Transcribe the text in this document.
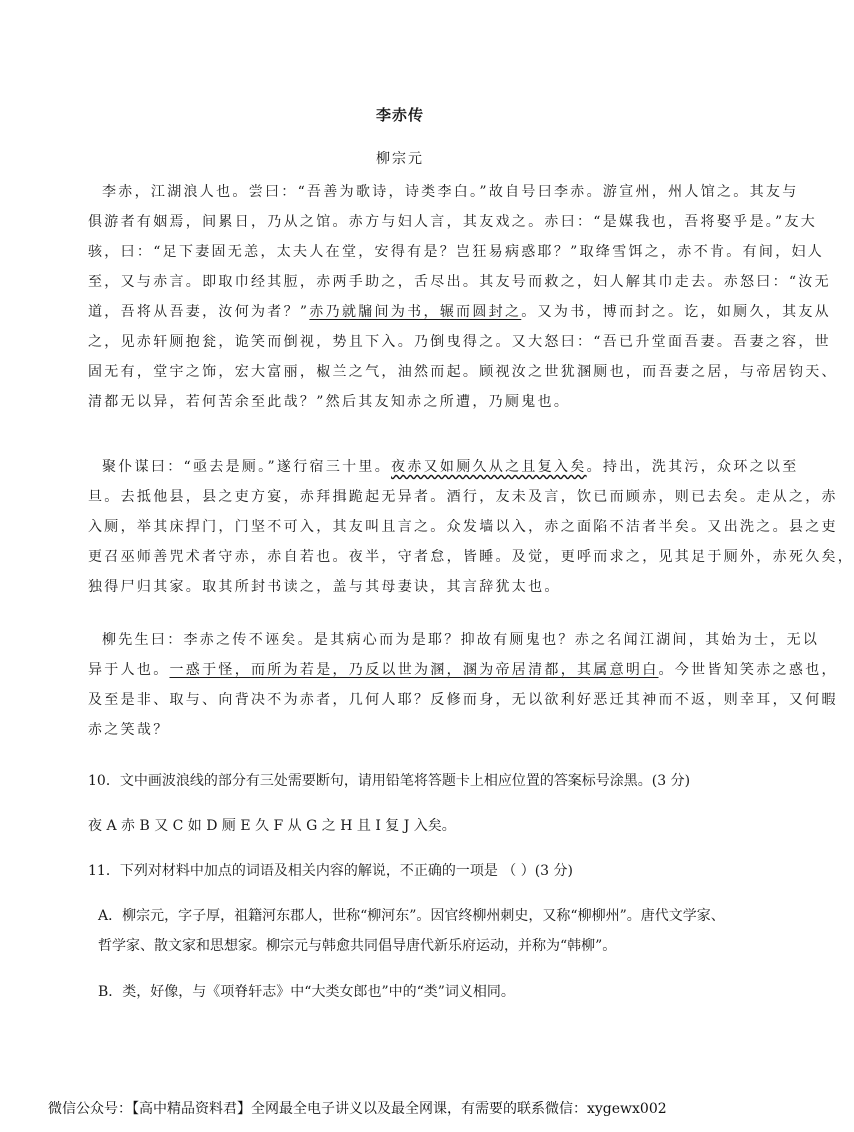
李赤传
柳宗元
李赤，江湖浪人也。尝曰：“吾善为歌诗，诗类李白。”故自号曰李赤。游宣州，州人馆之。其友与
俱游者有姻焉，间累日，乃从之馆。赤方与妇人言，其友戏之。赤曰：“是媒我也，吾将娶乎是。”友大
骇，曰：“足下妻固无恙，太夫人在堂，安得有是？岂狂易病惑耶？”取绛雪饵之，赤不肯。有间，妇人
至，又与赤言。即取巾经其脰，赤两手助之，舌尽出。其友号而救之，妇人解其巾走去。赤怒曰：“汝无
道，吾将从吾妻，汝何为者？”赤乃就牖间为书，辗而圆封之。又为书，博而封之。讫，如厕久，其友从
之，见赤轩厕抱瓮，诡笑而倒视，势且下入。乃倒曳得之。又大怒曰：“吾已升堂面吾妻。吾妻之容，世
固无有，堂宇之饰，宏大富丽，椒兰之气，油然而起。顾视汝之世犹溷厕也，而吾妻之居，与帝居钧天、
清都无以异，若何苦余至此哉？”然后其友知赤之所遭，乃厕鬼也。
聚仆谋曰：“亟去是厕。”遂行宿三十里。夜赤又如厕久从之且复入矣。持出，洗其污，众环之以至
旦。去抵他县，县之吏方宴，赤拜揖跪起无异者。酒行，友未及言，饮已而顾赤，则已去矣。走从之，赤
入厕，举其床捍门，门坚不可入，其友叫且言之。众发墙以入，赤之面陷不洁者半矣。又出洗之。县之吏
更召巫师善咒术者守赤，赤自若也。夜半，守者怠，皆睡。及觉，更呼而求之，见其足于厕外，赤死久矣，
独得尸归其家。取其所封书读之，盖与其母妻诀，其言辞犹太也。
柳先生曰：李赤之传不诬矣。是其病心而为是耶？抑故有厕鬼也？赤之名闻江湖间，其始为士，无以
异于人也。一惑于怪，而所为若是，乃反以世为溷，溷为帝居清都，其属意明白。今世皆知笑赤之惑也，
及至是非、取与、向背决不为赤者，几何人耶？反修而身，无以欲利好恶迁其神而不返，则幸耳，又何暇
赤之笑哉？
10．文中画波浪线的部分有三处需要断句，请用铅笔将答题卡上相应位置的答案标号涂黑。(3 分)
夜 A 赤 B 又 C 如 D 厕 E 久 F 从 G 之 H 且 I 复 J 入矣。
11．下列对材料中加点的词语及相关内容的解说，不正确的一项是 （ ）(3 分)
A．柳宗元，字子厚，祖籍河东郡人，世称“柳河东”。因官终柳州刺史，又称“柳柳州”。唐代文学家、
哲学家、散文家和思想家。柳宗元与韩愈共同倡导唐代新乐府运动，并称为“韩柳”。
B．类，好像，与《项脊轩志》中“大类女郎也”中的“类”词义相同。
微信公众号：【高中精品资料君】全网最全电子讲义以及最全网课，有需要的联系微信：xygewx002
